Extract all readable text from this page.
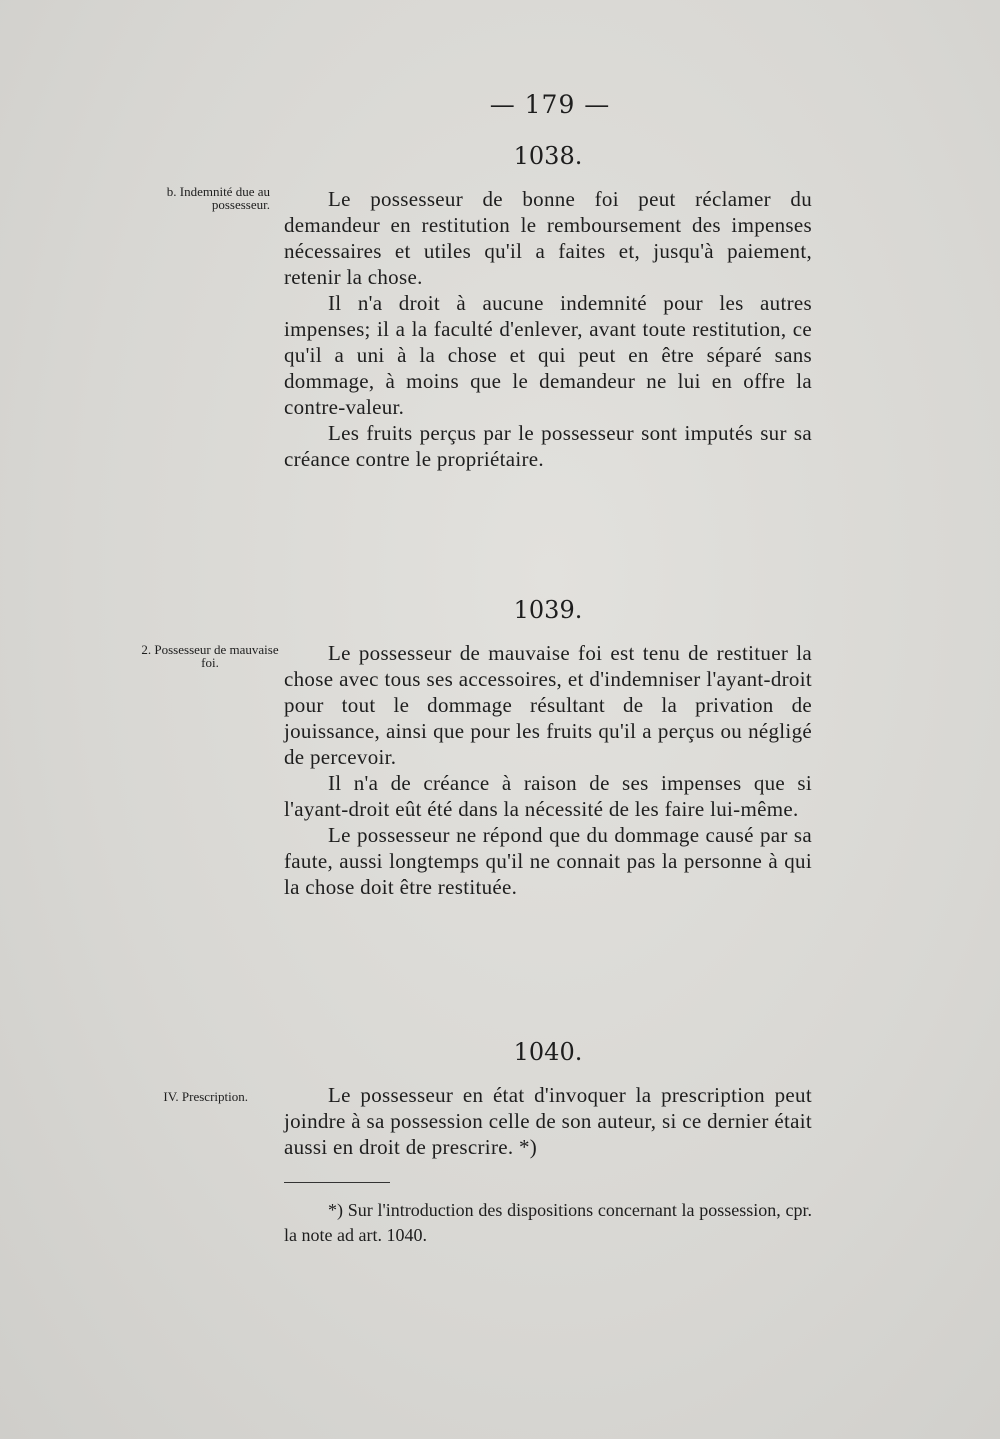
— 179 —
b. Indemnité due au possesseur.
1038.

Le possesseur de bonne foi peut réclamer du demandeur en restitution le remboursement des impenses nécessaires et utiles qu'il a faites et, jusqu'à paiement, retenir la chose.

Il n'a droit à aucune indemnité pour les autres impenses; il a la faculté d'enlever, avant toute restitution, ce qu'il a uni à la chose et qui peut en être séparé sans dommage, à moins que le demandeur ne lui en offre la contre-valeur.

Les fruits perçus par le possesseur sont imputés sur sa créance contre le propriétaire.

2. Possesseur de mauvaise foi.
1039.

Le possesseur de mauvaise foi est tenu de restituer la chose avec tous ses accessoires, et d'indemniser l'ayant-droit pour tout le dommage résultant de la privation de jouissance, ainsi que pour les fruits qu'il a perçus ou négligé de percevoir.

Il n'a de créance à raison de ses impenses que si l'ayant-droit eût été dans la nécessité de les faire lui-même.

Le possesseur ne répond que du dommage causé par sa faute, aussi longtemps qu'il ne connait pas la personne à qui la chose doit être restituée.

IV. Prescription.
1040.

Le possesseur en état d'invoquer la prescription peut joindre à sa possession celle de son auteur, si ce dernier était aussi en droit de prescrire. *)

*) Sur l'introduction des dispositions concernant la possession, cpr. la note ad art. 1040.
